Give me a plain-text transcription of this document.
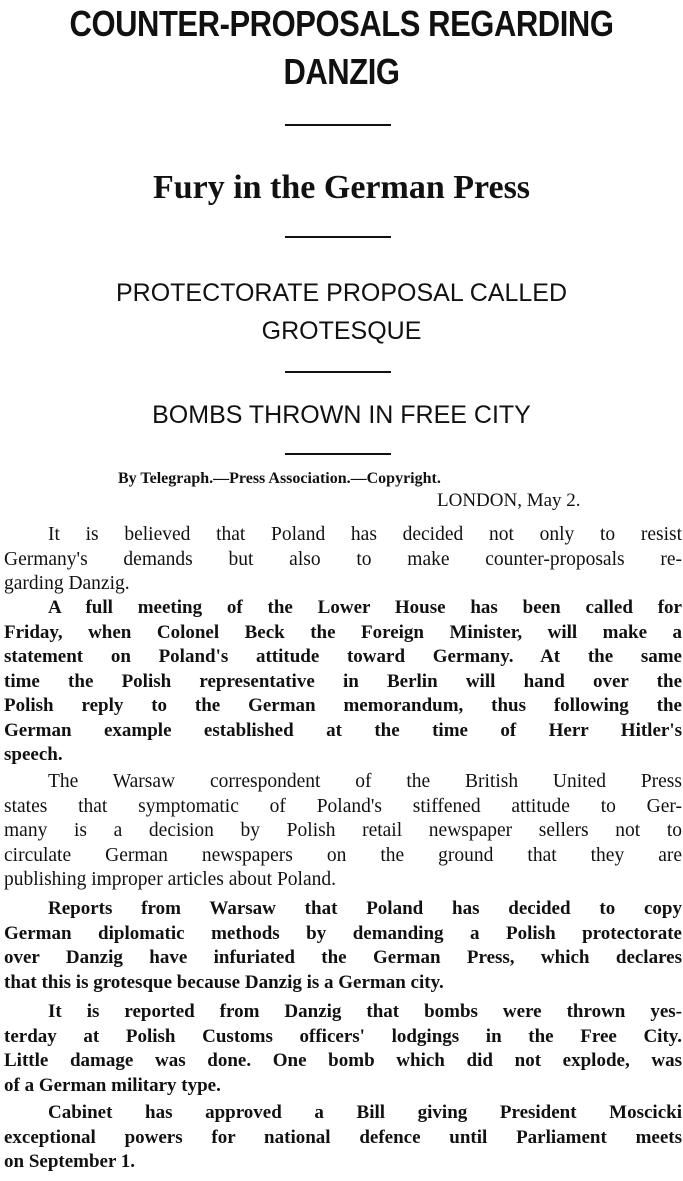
COUNTER-PROPOSALS REGARDING
DANZIG
Fury in the German Press
PROTECTORATE PROPOSAL CALLED
GROTESQUE
BOMBS THROWN IN FREE CITY
By Telegraph.—Press Association.—Copyright.
LONDON, May 2.
It is believed that Poland has decided not only to resist
Germany's demands but also to make counter-proposals re-
garding Danzig.
A full meeting of the Lower House has been called for
Friday, when Colonel Beck the Foreign Minister, will make a
statement on Poland's attitude toward Germany. At the same
time the Polish representative in Berlin will hand over the
Polish reply to the German memorandum, thus following the
German example established at the time of Herr Hitler's
speech.
The Warsaw correspondent of the British United Press
states that symptomatic of Poland's stiffened attitude to Ger-
many is a decision by Polish retail newspaper sellers not to
circulate German newspapers on the ground that they are
publishing improper articles about Poland.
Reports from Warsaw that Poland has decided to copy
German diplomatic methods by demanding a Polish protectorate
over Danzig have infuriated the German Press, which declares
that this is grotesque because Danzig is a German city.
It is reported from Danzig that bombs were thrown yes-
terday at Polish Customs officers' lodgings in the Free City.
Little damage was done. One bomb which did not explode, was
of a German military type.
Cabinet has approved a Bill giving President Moscicki
exceptional powers for national defence until Parliament meets
on September 1.
